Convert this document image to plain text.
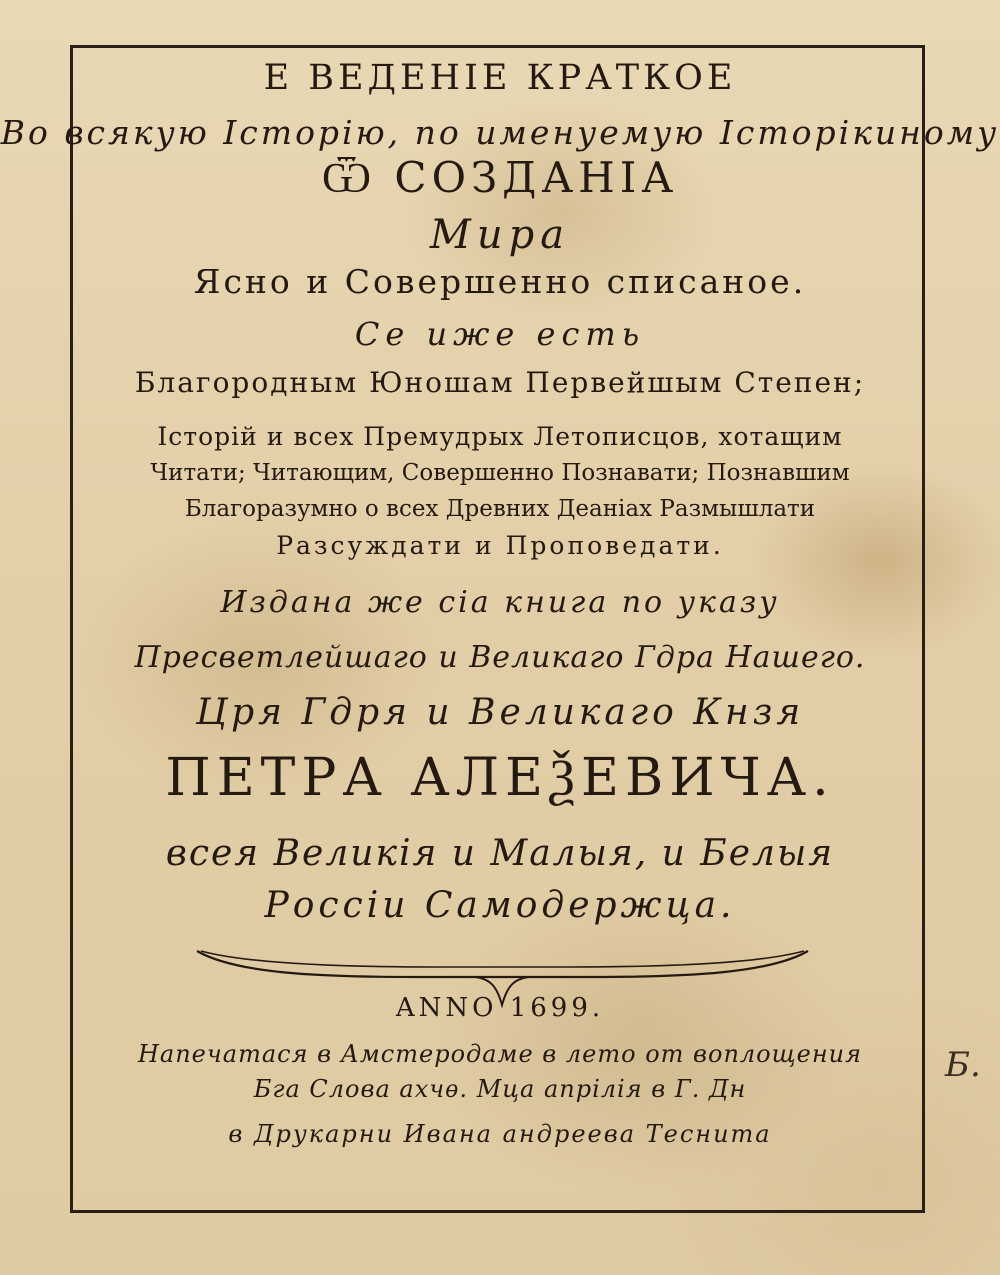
Е ВЕДЕНІЕ КРАТКОЕ
Во всякую Історію, по именуемую Історікиному
Ѿ СОЗДАНІА
Мира
Ясно и Совершенно списаное.
Се иже есть
Благородным Юношам Первейшым Степен;
Історій и всех Премудрых Летописцов, хотащим
Читати; Читающим, Совершенно Познавати; Познавшим
Благоразумно о всех Древних Деаніах Размышлати
Разсуждати и Проповедати.
Издана же сіа книга по указу
Пресветлейшаго и Великаго Гдра Нашего.
Цря Гдря и Великаго Кнзя
ПЕТРА АЛЕѮЕВИЧА.
всея Великія и Малыя, и Белыя
Россіи Самодержца.
ANNO 1699.
Напечатася в Амстеродаме в лето от воплощения
Бга Слова ахчѳ. Мца апрілія в Г. Дн
в Друкарни Ивана андреева Теснита
Б.
